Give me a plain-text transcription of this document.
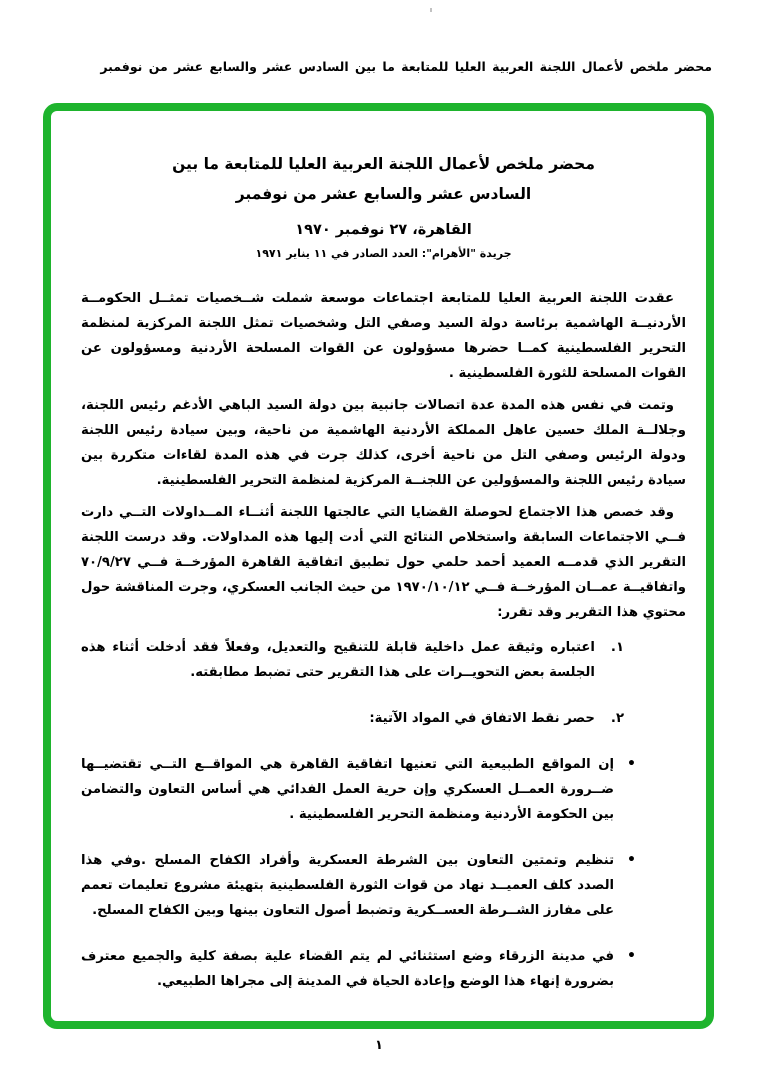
محضر ملخص لأعمال اللجنة العربية العليا للمتابعة ما بين السادس عشر والسابع عشر من نوفمبر
محضر ملخص لأعمال اللجنة العربية العليا للمتابعة ما بين
السادس عشر والسابع عشر من نوفمبر
القاهرة، ٢٧ نوفمبر ١٩٧٠
جريدة "الأهرام": العدد الصادر في ١١ يناير ١٩٧١

عقدت اللجنة العربية العليا للمتابعة اجتماعات موسعة شملت شــخصيات تمثــل الحكومــة الأردنيــة الهاشمية برئاسة دولة السيد وصفي التل وشخصيات تمثل اللجنة المركزية لمنظمة التحرير الفلسطينية كمــا حضرها مسؤولون عن القوات المسلحة الأردنية ومسؤولون عن القوات المسلحة للثورة الفلسطينية .

وتمت في نفس هذه المدة عدة اتصالات جانبية بين دولة السيد الباهي الأدغم رئيس اللجنة، وجلالــة الملك حسين عاهل المملكة الأردنية الهاشمية من ناحية، وبين سيادة رئيس اللجنة ودولة الرئيس وصفي التل من ناحية أخرى، كذلك جرت في هذه المدة لقاءات متكررة بين سيادة رئيس اللجنة والمسؤولين عن اللجنــة المركزية لمنظمة التحرير الفلسطينية.

وقد خصص هذا الاجتماع لحوصلة القضايا التي عالجتها اللجنة أثنــاء المــداولات التــي دارت فــي الاجتماعات السابقة واستخلاص النتائج التي أدت إليها هذه المداولات. وقد درست اللجنة التقرير الذي قدمــه العميد أحمد حلمي حول تطبيق اتفاقية القاهرة المؤرخــة فــي ٧٠/٩/٢٧ واتفاقيــة عمــان المؤرخــة فــي ١٩٧٠/١٠/١٢ من حيث الجانب العسكري، وجرت المناقشة حول محتوي هذا التقرير وقد تقرر:

١.
اعتباره وثيقة عمل داخلية قابلة للتنقيح والتعديل، وفعلاً فقد أدخلت أثناء هذه الجلسة بعض التحويــرات على هذا التقرير حتى تضبط مطابقته.
٢.
حصر نقط الاتفاق في المواد الآتية:
•
إن المواقع الطبيعية التي تعنيها اتفاقية القاهرة هي المواقــع التــي تقتضيــها ضــرورة العمــل العسكري وإن حرية العمل الفدائي هي أساس التعاون والتضامن بين الحكومة الأردنية ومنظمة التحرير الفلسطينية .
•
تنظيم وتمتين التعاون بين الشرطة العسكرية وأفراد الكفاح المسلح .وفي هذا الصدد كلف العميــد نهاد من قوات الثورة الفلسطينية بتهيئة مشروع تعليمات تعمم على مفارز الشــرطة العســكرية وتضبط أصول التعاون بينها وبين الكفاح المسلح.
•
في مدينة الزرقاء وضع استثنائي لم يتم القضاء علية بصفة كلية والجميع معترف بضرورة إنهاء هذا الوضع وإعادة الحياة في المدينة إلى مجراها الطبيعي.
١
